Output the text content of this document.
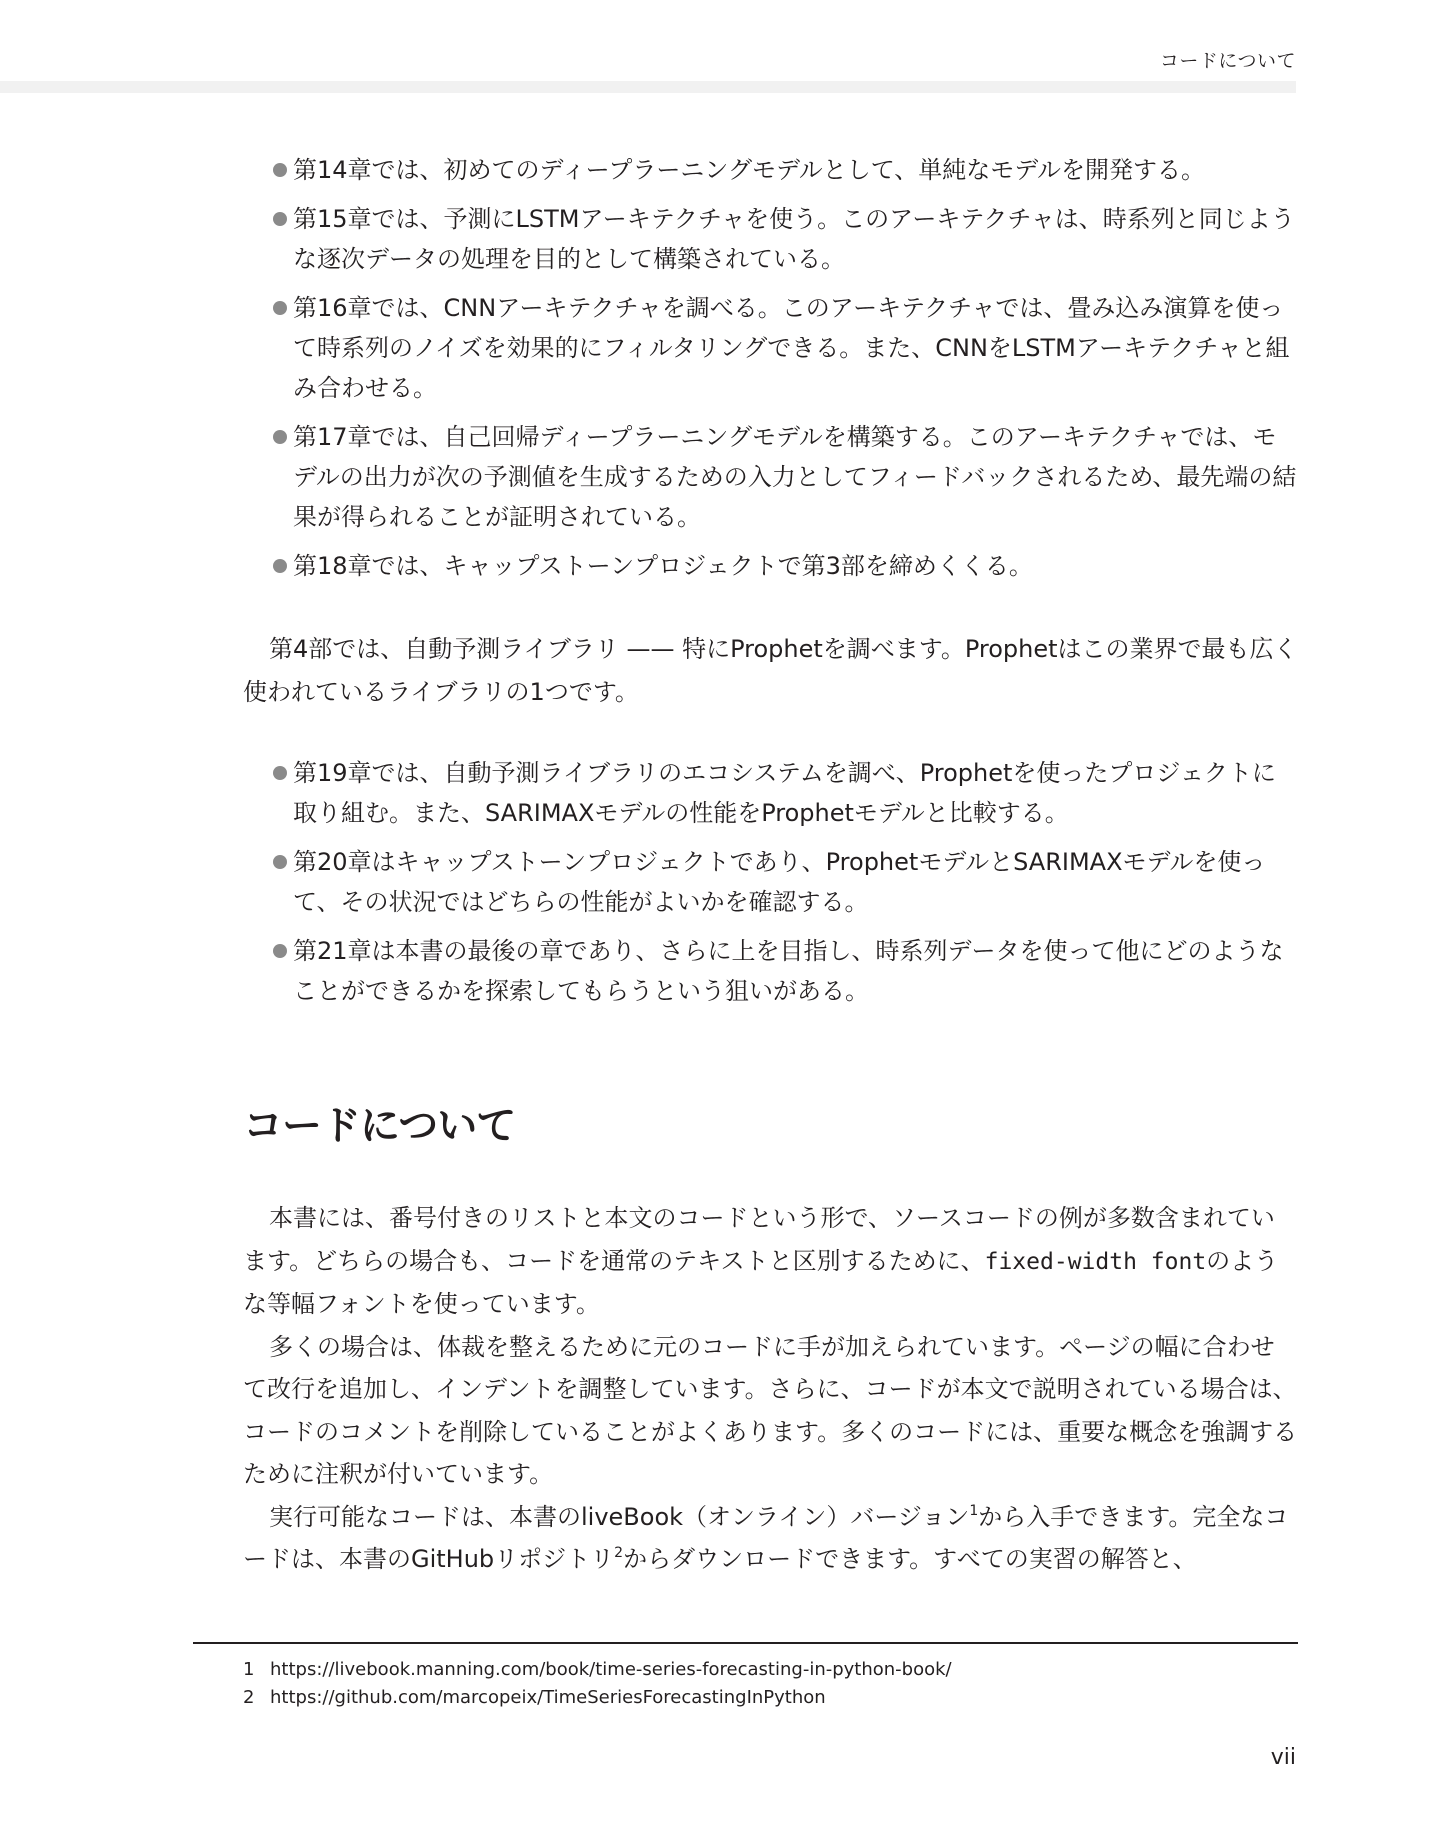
コードについて
第14章では、初めてのディープラーニングモデルとして、単純なモデルを開発する。
第15章では、予測にLSTMアーキテクチャを使う。このアーキテクチャは、時系列と同じような逐次データの処理を目的として構築されている。
第16章では、CNNアーキテクチャを調べる。このアーキテクチャでは、畳み込み演算を使って時系列のノイズを効果的にフィルタリングできる。また、CNNをLSTMアーキテクチャと組み合わせる。
第17章では、自己回帰ディープラーニングモデルを構築する。このアーキテクチャでは、モデルの出力が次の予測値を生成するための入力としてフィードバックされるため、最先端の結果が得られることが証明されている。
第18章では、キャップストーンプロジェクトで第3部を締めくくる。

第4部では、自動予測ライブラリ —— 特にProphetを調べます。Prophetはこの業界で最も広く使われているライブラリの1つです。

第19章では、自動予測ライブラリのエコシステムを調べ、Prophetを使ったプロジェクトに取り組む。また、SARIMAXモデルの性能をProphetモデルと比較する。
第20章はキャップストーンプロジェクトであり、ProphetモデルとSARIMAXモデルを使って、その状況ではどちらの性能がよいかを確認する。
第21章は本書の最後の章であり、さらに上を目指し、時系列データを使って他にどのようなことができるかを探索してもらうという狙いがある。
コードについて

本書には、番号付きのリストと本文のコードという形で、ソースコードの例が多数含まれています。どちらの場合も、コードを通常のテキストと区別するために、fixed-width fontのような等幅フォントを使っています。

多くの場合は、体裁を整えるために元のコードに手が加えられています。ページの幅に合わせて改行を追加し、インデントを調整しています。さらに、コードが本文で説明されている場合は、コードのコメントを削除していることがよくあります。多くのコードには、重要な概念を強調するために注釈が付いています。

実行可能なコードは、本書のliveBook（オンライン）バージョン$^1$から入手できます。完全なコードは、本書のGitHubリポジトリ$^2$からダウンロードできます。すべての実習の解答と、

1 https://livebook.manning.com/book/time-series-forecasting-in-python-book/
2 https://github.com/marcopeix/TimeSeriesForecastingInPython
vii
